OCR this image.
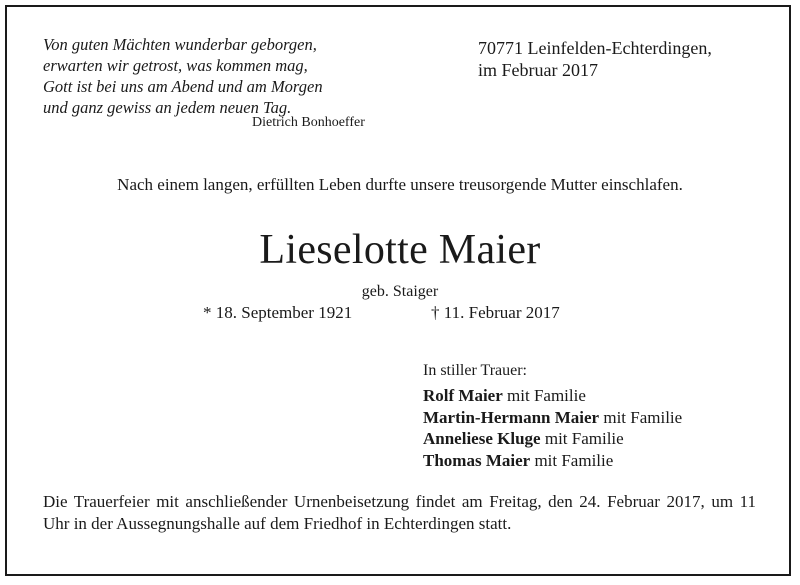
Von guten Mächten wunderbar geborgen,
erwarten wir getrost, was kommen mag,
Gott ist bei uns am Abend und am Morgen
und ganz gewiss an jedem neuen Tag.
Dietrich Bonhoeffer
70771 Leinfelden-Echterdingen,
im Februar 2017
Nach einem langen, erfüllten Leben durfte unsere treusorgende Mutter einschlafen.
Lieselotte Maier
geb. Staiger
* 18. September 1921	† 11. Februar 2017
In stiller Trauer:
Rolf Maier mit Familie
Martin-Hermann Maier mit Familie
Anneliese Kluge mit Familie
Thomas Maier mit Familie
Die Trauerfeier mit anschließender Urnenbeisetzung findet am Freitag, den 24. Februar 2017, um 11 Uhr in der Aussegnungshalle auf dem Friedhof in Echterdingen statt.
